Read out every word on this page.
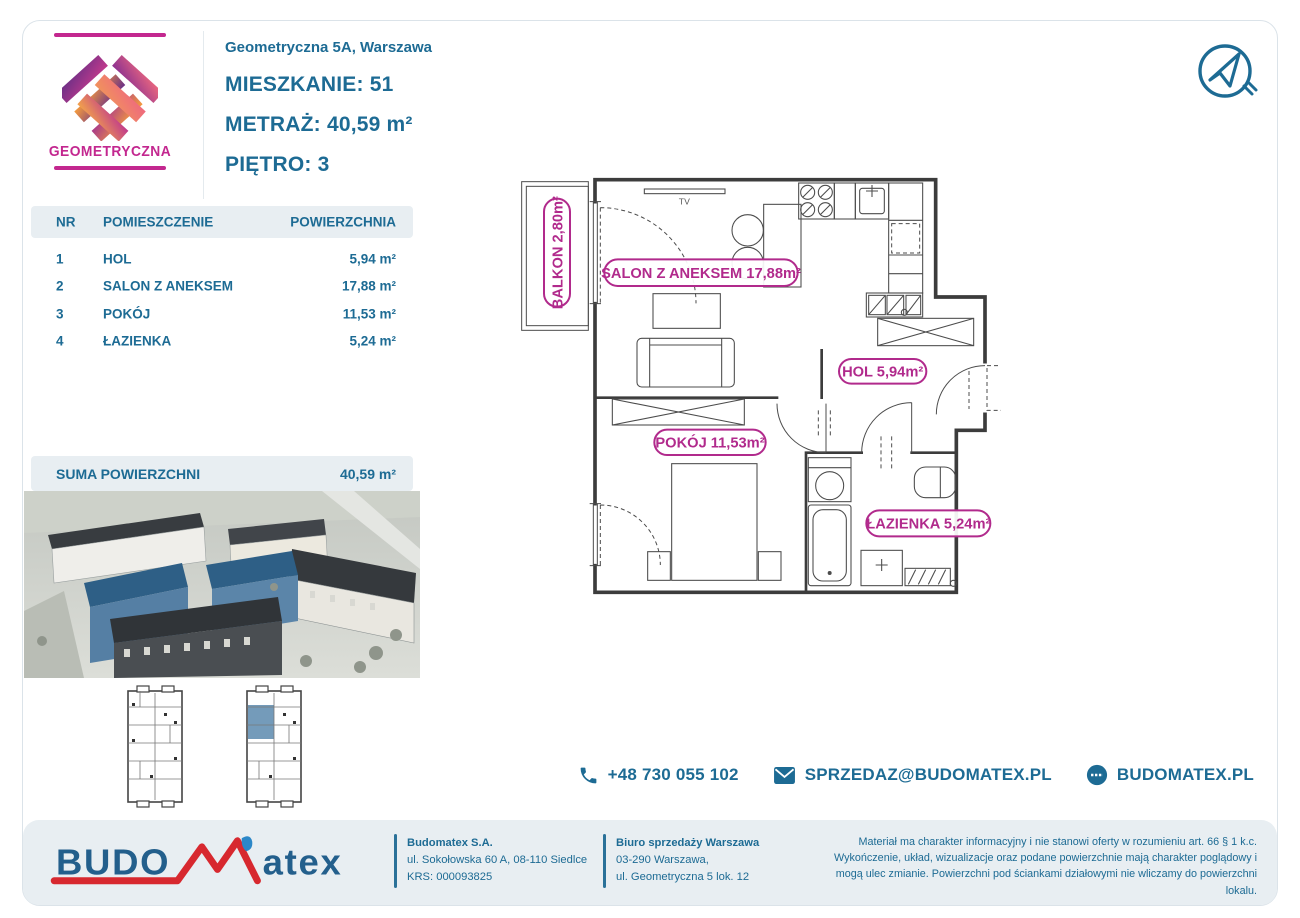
GEOMETRYCZNA
Geometryczna 5A, Warszawa
MIESZKANIE: 51
METRAŻ: 40,59 m²
PIĘTRO: 3
NR POMIESZCZENIE	POWIERZCHNIA
1	HOL	5,94 m²
2	SALON Z ANEKSEM	17,88 m²
3	POKÓJ	11,53 m²
4	ŁAZIENKA	5,24 m²
SUMA POWIERZCHNI	40,59 m²
TV
BALKON 2,80m² SALON Z ANEKSEM 17,88m²
HOL 5,94m²
POKÓJ 11,53m²
ŁAZIENKA 5,24m²
+48 730 055 102	SPRZEDAZ@BUDOMATEX.PL	BUDOMATEX.PL
BUDO atex	Budomatex S.A.
ul. Sokołowska 60 A, 08-110 Siedlce
KRS: 000093825
Biuro sprzedaży Warszawa
03-290 Warszawa,
ul. Geometryczna 5 lok. 12
Materiał ma charakter informacyjny i nie stanowi oferty w rozumieniu art. 66 § 1 k.c. Wykończenie, układ, wizualizacje oraz podane powierzchnie mają charakter poglądowy i mogą ulec zmianie. Powierzchni pod ściankami działowymi nie wliczamy do powierzchni lokalu.
